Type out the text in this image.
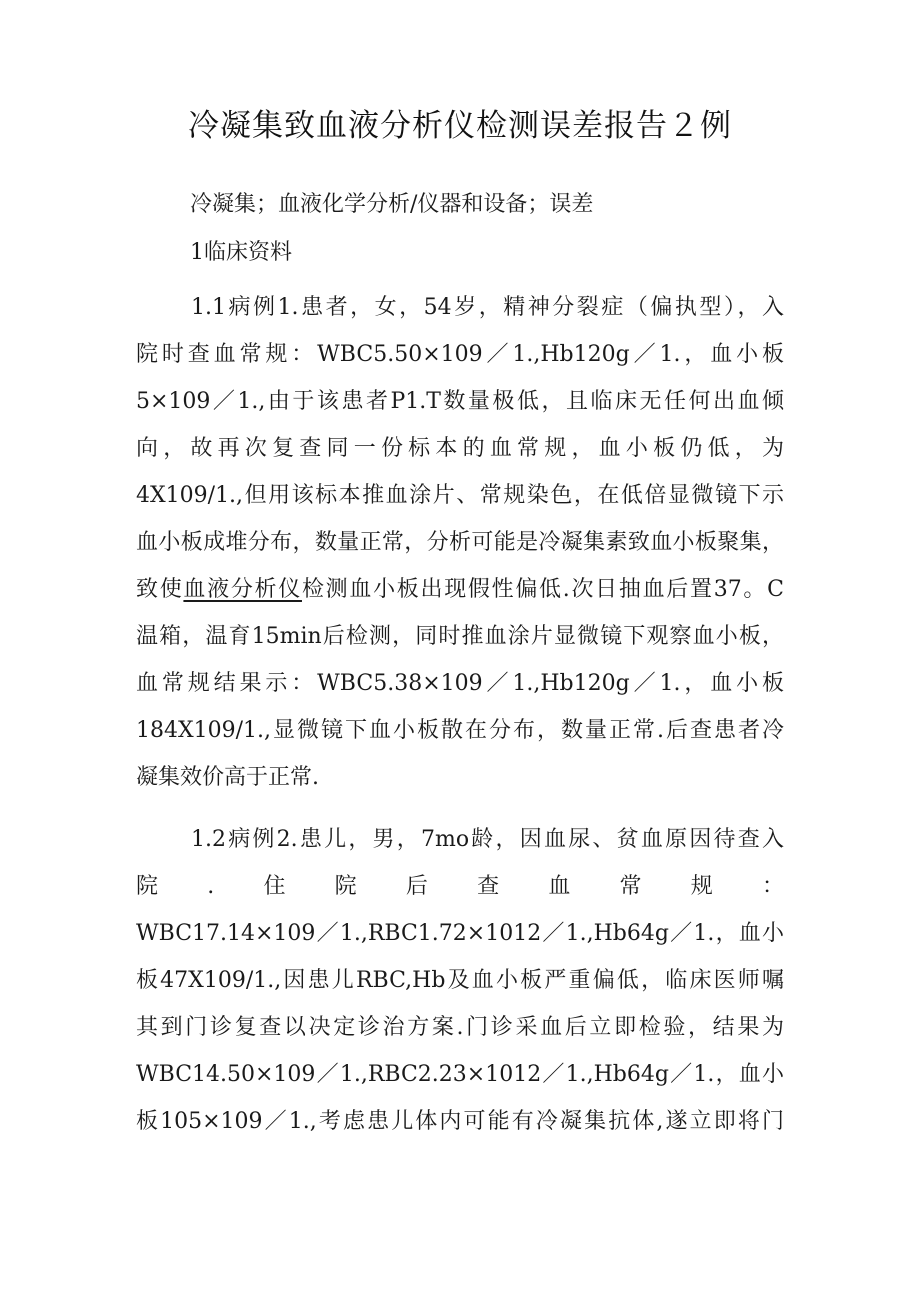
冷凝集致血液分析仪检测误差报告２例
冷凝集；血液化学分析/仪器和设备；误差
1临床资料
1.1病例1.患者，女，54岁，精神分裂症（偏执型），入
院时查血常规：WBC5.50×109／1.,Hb120g／1.，血小板
5×109／1.,由于该患者P1.T数量极低，且临床无任何出血倾
向，故再次复查同一份标本的血常规，血小板仍低，为
4X109/1.,但用该标本推血涂片、常规染色，在低倍显微镜下示
血小板成堆分布，数量正常，分析可能是冷凝集素致血小板聚集，
致使血液分析仪检测血小板出现假性偏低.次日抽血后置37。C
温箱，温育15min后检测，同时推血涂片显微镜下观察血小板，
血常规结果示：WBC5.38×109／1.,Hb120g／1.，血小板
184X109/1.,显微镜下血小板散在分布，数量正常.后查患者冷
凝集效价高于正常.
1.2病例2.患儿，男，7mo龄，因血尿、贫血原因待查入
院　.　住　院　后　查　血　常　规　：
WBC17.14×109／1.,RBC1.72×1012／1.,Hb64g／1.，血小
板47X109/1.,因患儿RBC,Hb及血小板严重偏低，临床医师嘱
其到门诊复查以决定诊治方案.门诊采血后立即检验，结果为
WBC14.50×109／1.,RBC2.23×1012／1.,Hb64g／1.，血小
板105×109／1.,考虑患儿体内可能有冷凝集抗体,遂立即将门
